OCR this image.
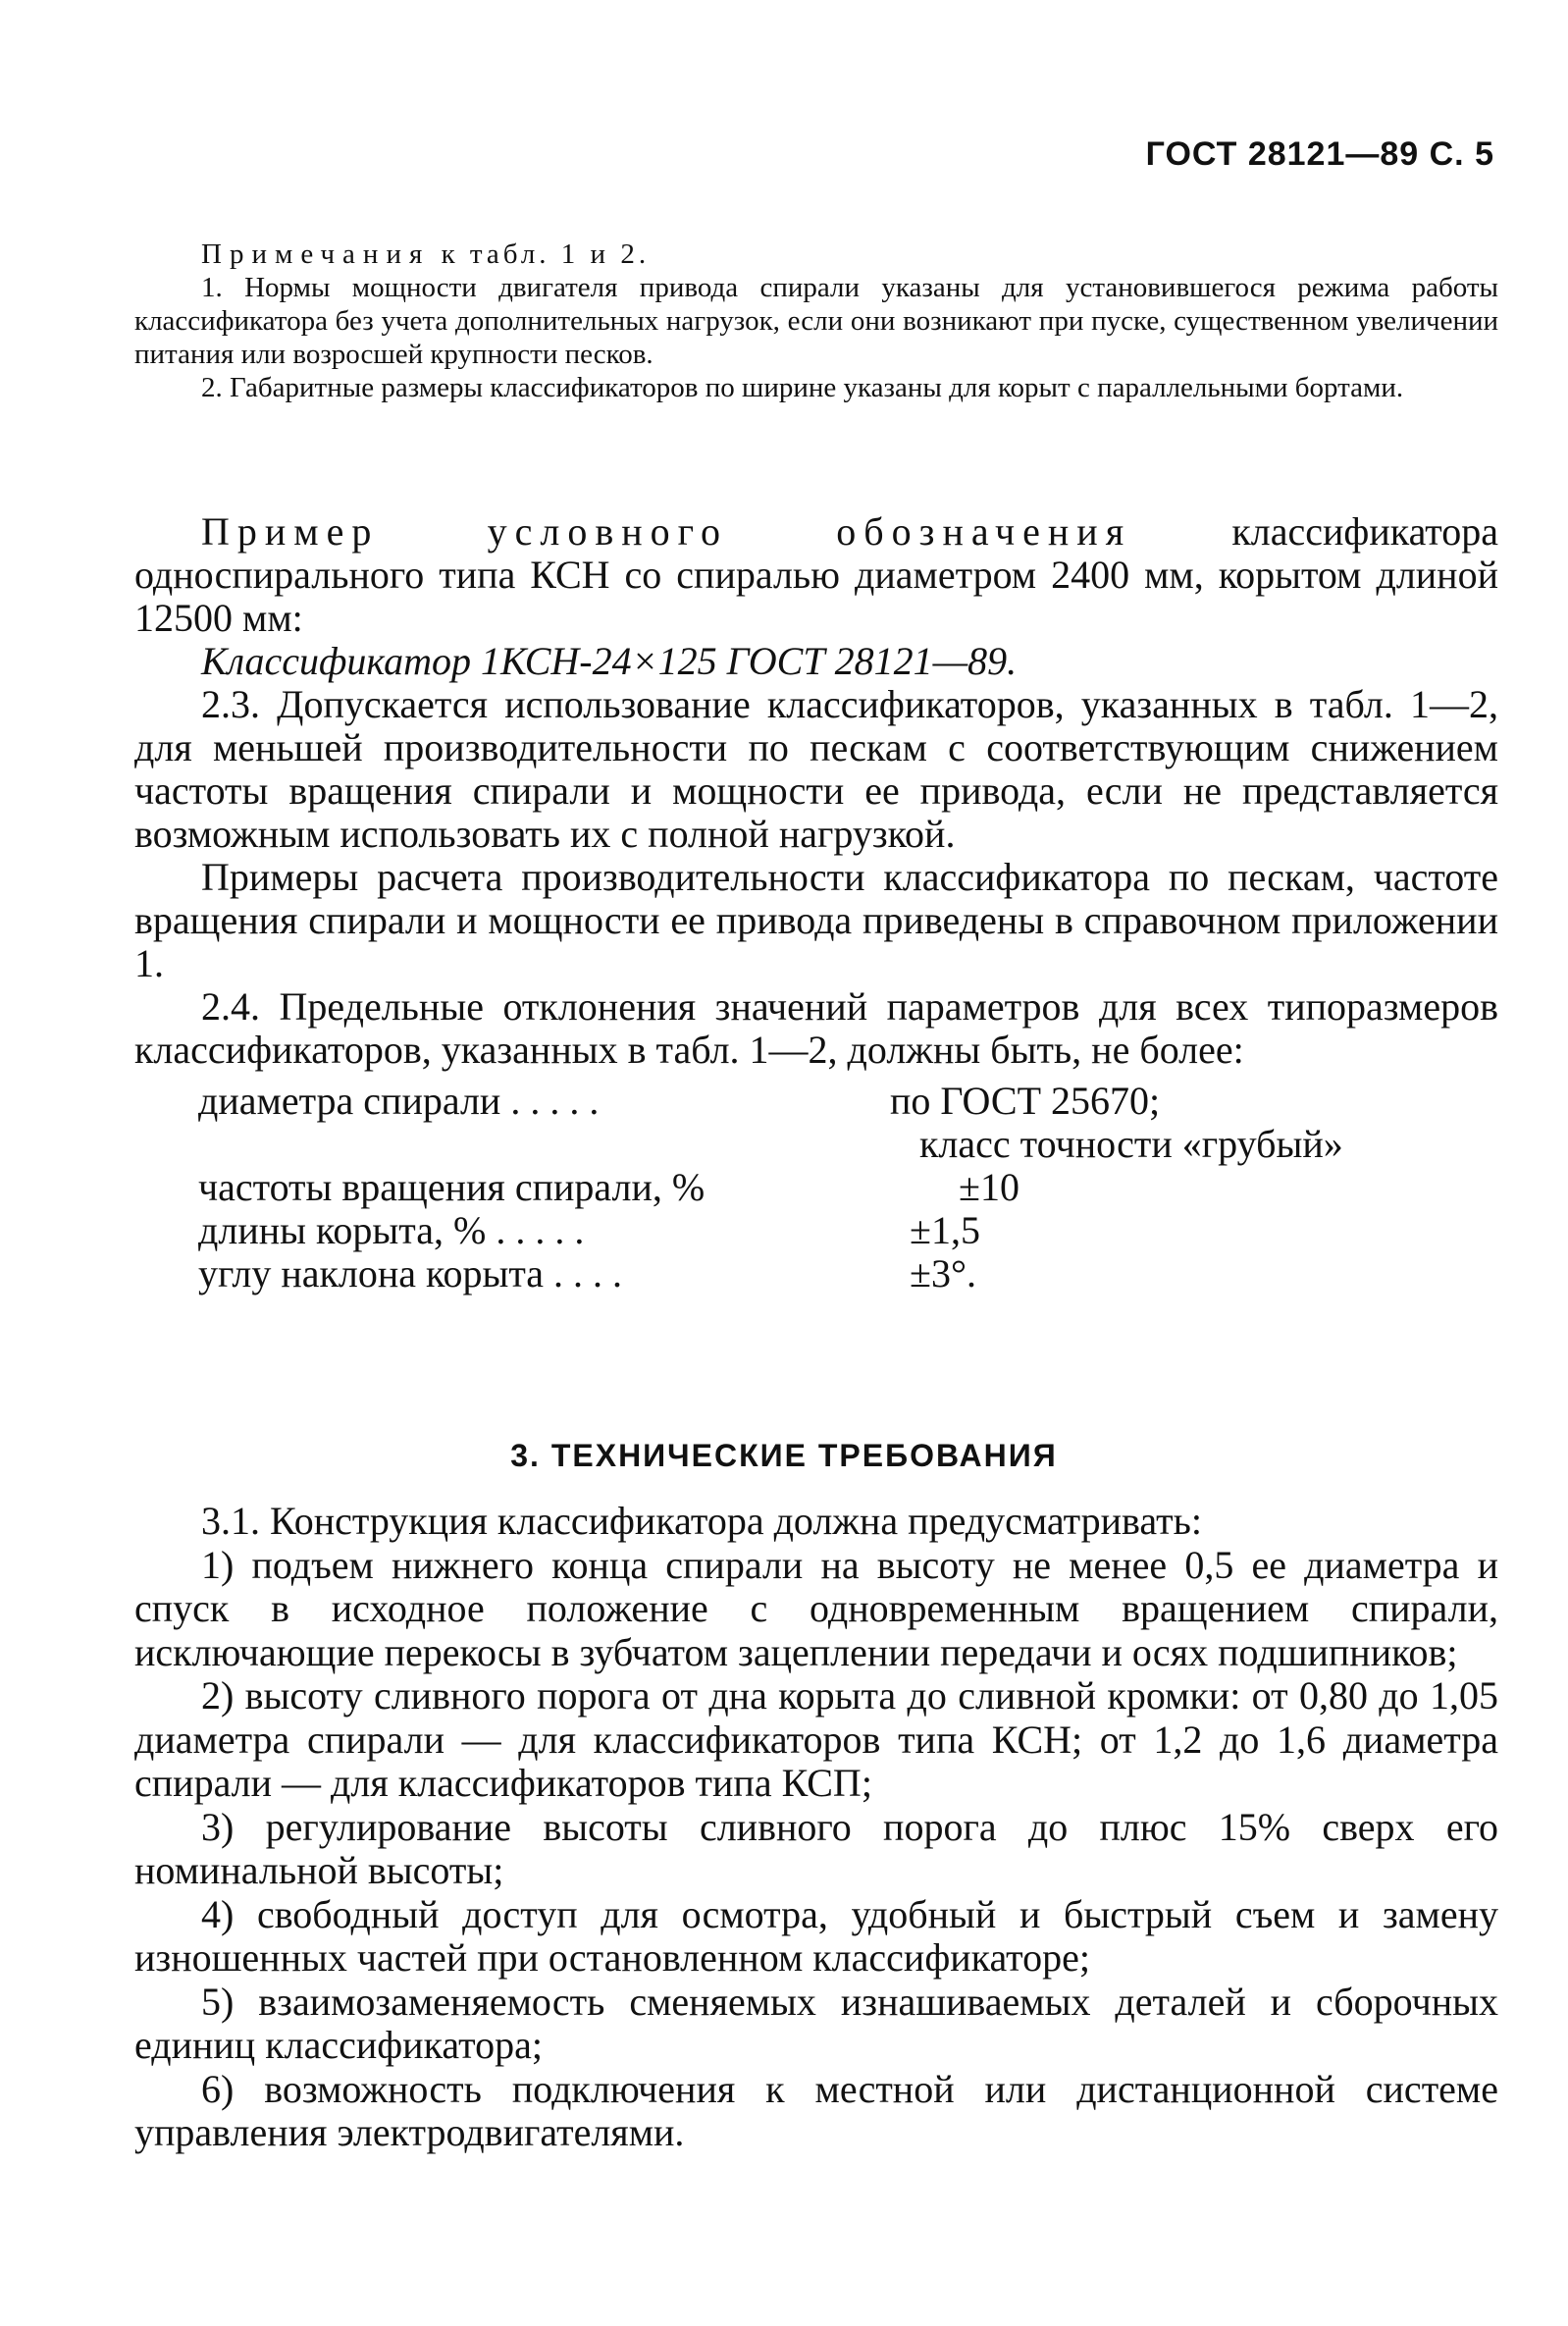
ГОСТ 28121—89 С. 5
Примечания к табл. 1 и 2.

1. Нормы мощности двигателя привода спирали указаны для установившегося режима работы классификатора без учета дополнительных нагрузок, если они возникают при пуске, существенном увеличении питания или возросшей крупности песков.

2. Габаритные размеры классификаторов по ширине указаны для корыт с параллельными бортами.

Пример условного обозначения классификатора односпирального типа КСН со спиралью диаметром 2400 мм, корытом длиной 12500 мм:

Классификатор 1КСН-24×125 ГОСТ 28121—89.

2.3. Допускается использование классификаторов, указанных в табл. 1—2, для меньшей производительности по пескам с соответствующим снижением частоты вращения спирали и мощности ее привода, если не представляется возможным использовать их с полной нагрузкой.

Примеры расчета производительности классификатора по пескам, частоте вращения спирали и мощности ее привода приведены в справочном приложении 1.

2.4. Предельные отклонения значений параметров для всех типоразмеров классификаторов, указанных в табл. 1—2, должны быть, не более:

диаметра спирали . . . . .	по ГОСТ 25670;
класс точности «грубый»
частоты вращения спирали, %	±10
длины корыта, % . . . . .	±1,5
углу наклона корыта . . . .	±3°.
3. ТЕХНИЧЕСКИЕ ТРЕБОВАНИЯ

3.1. Конструкция классификатора должна предусматривать:

1) подъем нижнего конца спирали на высоту не менее 0,5 ее диаметра и спуск в исходное положение с одновременным вращением спирали, исключающие перекосы в зубчатом зацеплении передачи и осях подшипников;

2) высоту сливного порога от дна корыта до сливной кромки: от 0,80 до 1,05 диаметра спирали — для классификаторов типа КСН; от 1,2 до 1,6 диаметра спирали — для классификаторов типа КСП;

3) регулирование высоты сливного порога до плюс 15% сверх его номинальной высоты;

4) свободный доступ для осмотра, удобный и быстрый съем и замену изношенных частей при остановленном классификаторе;

5) взаимозаменяемость сменяемых изнашиваемых деталей и сборочных единиц классификатора;

6) возможность подключения к местной или дистанционной системе управления электродвигателями.
